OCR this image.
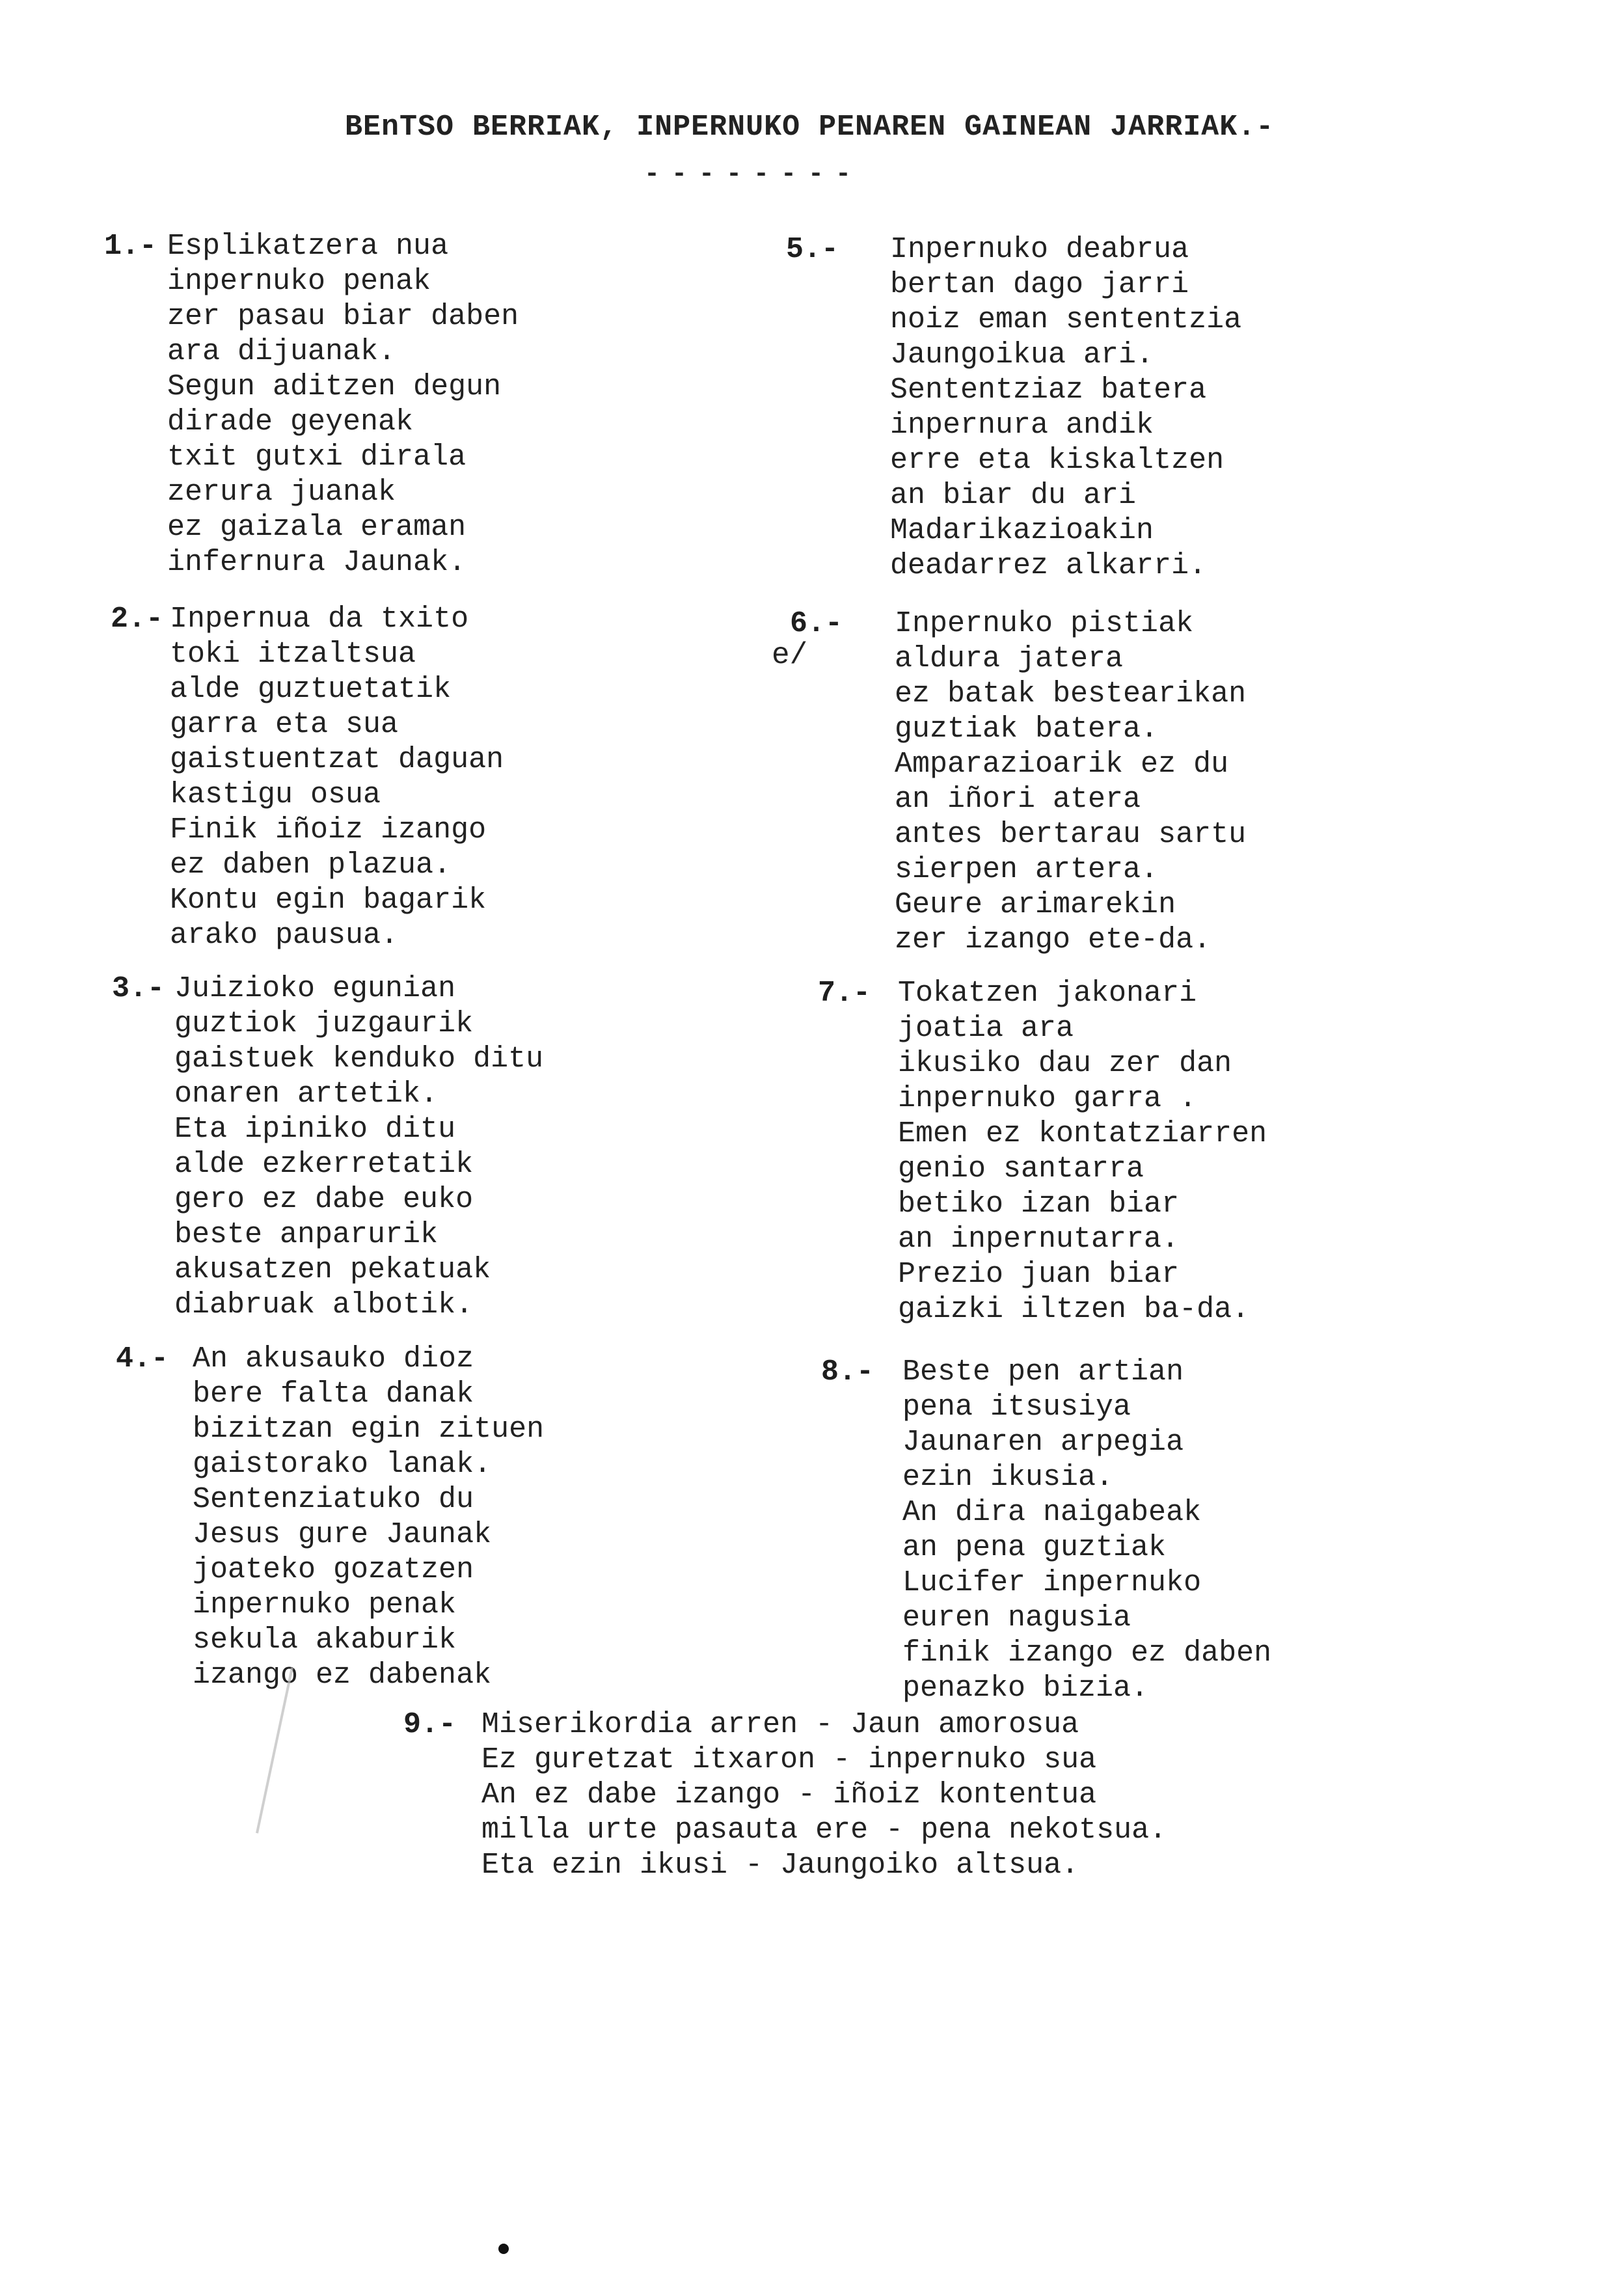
BEnTSO BERRIAK, INPERNUKO PENAREN GAINEAN JARRIAK.-
--------
1.- Esplikatzera nua
inpernuko penak
zer pasau biar daben
ara dijuanak.
Segun aditzen degun
dirade geyenak
txit gutxi dirala
zerura juanak
ez gaizala eraman
infernura Jaunak.
2.- Inpernua da txito
toki itzaltsua
alde guztuetatik
garra eta sua
gaistuentzat daguan
kastigu osua
Finik iñoiz izango
ez daben plazua.
Kontu egin bagarik
arako pausua.
3.- Juizioko egunian
guztiok juzgaurik
gaistuek kenduko ditu
onaren artetik.
Eta ipiniko ditu
alde ezkerretatik
gero ez dabe euko
beste anparurik
akusatzen pekatuak
diabruak albotik.
4.- An akusauko dioz
bere falta danak
bizitzan egin zituen
gaistorako lanak.
Sentenziatuko du
Jesus gure Jaunak
joateko gozatzen
inpernuko penak
sekula akaburik
izango ez dabenak
5.- Inpernuko deabrua
bertan dago jarri
noiz eman sententzia
Jaungoikua ari.
Sententziaz batera
inpernura andik
erre eta kiskaltzen
an biar du ari
Madarikazioakin
deadarrez alkarri.
6.-
e/
Inpernuko pistiak
aldura jatera
ez batak bestearikan
guztiak batera.
Amparazioarik ez du
an iñori atera
antes bertarau sartu
sierpen artera.
Geure arimarekin
zer izango ete-da.
7.- Tokatzen jakonari
joatia ara
ikusiko dau zer dan
inpernuko garra .
Emen ez kontatziarren
genio santarra
betiko izan biar
an inpernutarra.
Prezio juan biar
gaizki iltzen ba-da.
8.- Beste pen artian
pena itsusiya
Jaunaren arpegia
ezin ikusia.
An dira naigabeak
an pena guztiak
Lucifer inpernuko
euren nagusia
finik izango ez daben
penazko bizia.
9.- Miserikordia arren - Jaun amorosua
Ez guretzat itxaron - inpernuko sua
An ez dabe izango - iñoiz kontentua
milla urte pasauta ere - pena nekotsua.
Eta ezin ikusi - Jaungoiko altsua.
